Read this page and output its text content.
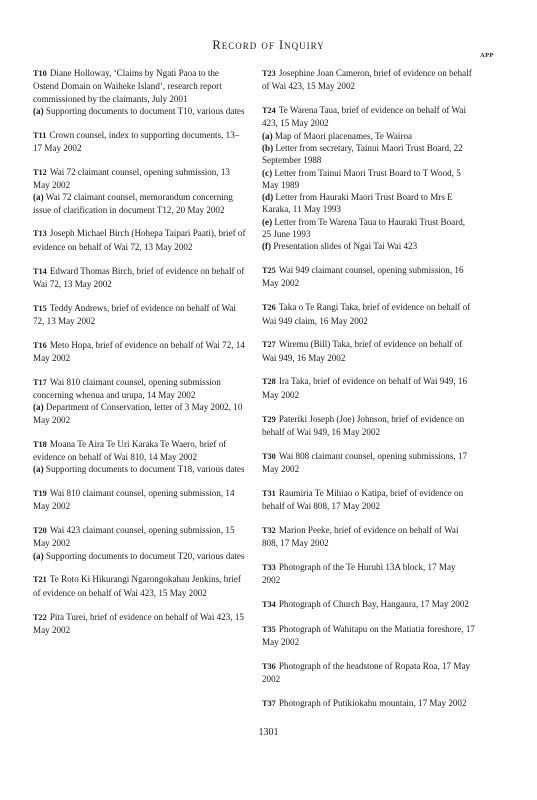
Record of Inquiry
APP
T10 Diane Holloway, ‘Claims by Ngati Paoa to the Ostend Domain on Waiheke Island’, research report commissioned by the claimants, July 2001
(a) Supporting documents to document T10, various dates
T11 Crown counsel, index to supporting documents, 13–17 May 2002
T12 Wai 72 claimant counsel, opening submission, 13 May 2002
(a) Wai 72 claimant counsel, memorandum concerning issue of clarification in document T12, 20 May 2002
T13 Joseph Michael Birch (Hohepa Taipari Paati), brief of evidence on behalf of Wai 72, 13 May 2002
T14 Edward Thomas Birch, brief of evidence on behalf of Wai 72, 13 May 2002
T15 Teddy Andrews, brief of evidence on behalf of Wai 72, 13 May 2002
T16 Meto Hopa, brief of evidence on behalf of Wai 72, 14 May 2002
T17 Wai 810 claimant counsel, opening submission concerning whenua and urupa, 14 May 2002
(a) Department of Conservation, letter of 3 May 2002, 10 May 2002
T18 Moana Te Aira Te Uri Karaka Te Waero, brief of evidence on behalf of Wai 810, 14 May 2002
(a) Supporting documents to document T18, various dates
T19 Wai 810 claimant counsel, opening submission, 14 May 2002
T20 Wai 423 claimant counsel, opening submission, 15 May 2002
(a) Supporting documents to document T20, various dates
T21 Te Roto Ki Hikurangi Ngarongokahau Jenkins, brief of evidence on behalf of Wai 423, 15 May 2002
T22 Pita Turei, brief of evidence on behalf of Wai 423, 15 May 2002
T23 Josephine Joan Cameron, brief of evidence on behalf of Wai 423, 15 May 2002
T24 Te Warena Taua, brief of evidence on behalf of Wai 423, 15 May 2002
(a) Map of Maori placenames, Te Wairoa
(b) Letter from secretary, Tainui Maori Trust Board, 22 September 1988
(c) Letter from Tainui Maori Trust Board to T Wood, 5 May 1989
(d) Letter from Hauraki Maori Trust Board to Mrs E Karaka, 11 May 1993
(e) Letter from Te Warena Taua to Hauraki Trust Board, 25 June 1993
(f) Presentation slides of Ngai Tai Wai 423
T25 Wai 949 claimant counsel, opening submission, 16 May 2002
T26 Taka o Te Rangi Taka, brief of evidence on behalf of Wai 949 claim, 16 May 2002
T27 Wiremu (Bill) Taka, brief of evidence on behalf of Wai 949, 16 May 2002
T28 Ira Taka, brief of evidence on behalf of Wai 949, 16 May 2002
T29 Pateriki Joseph (Joe) Johnson, brief of evidence on behalf of Wai 949, 16 May 2002
T30 Wai 808 claimant counsel, opening submissions, 17 May 2002
T31 Raumiria Te Mihiao o Katipa, brief of evidence on behalf of Wai 808, 17 May 2002
T32 Marion Peeke, brief of evidence on behalf of Wai 808, 17 May 2002
T33 Photograph of the Te Huruhi 13A block, 17 May 2002
T34 Photograph of Church Bay, Hangaura, 17 May 2002
T35 Photograph of Wahitapu on the Matiatia foreshore, 17 May 2002
T36 Photograph of the headstone of Ropata Roa, 17 May 2002
T37 Photograph of Putikiokahu mountain, 17 May 2002
1301
